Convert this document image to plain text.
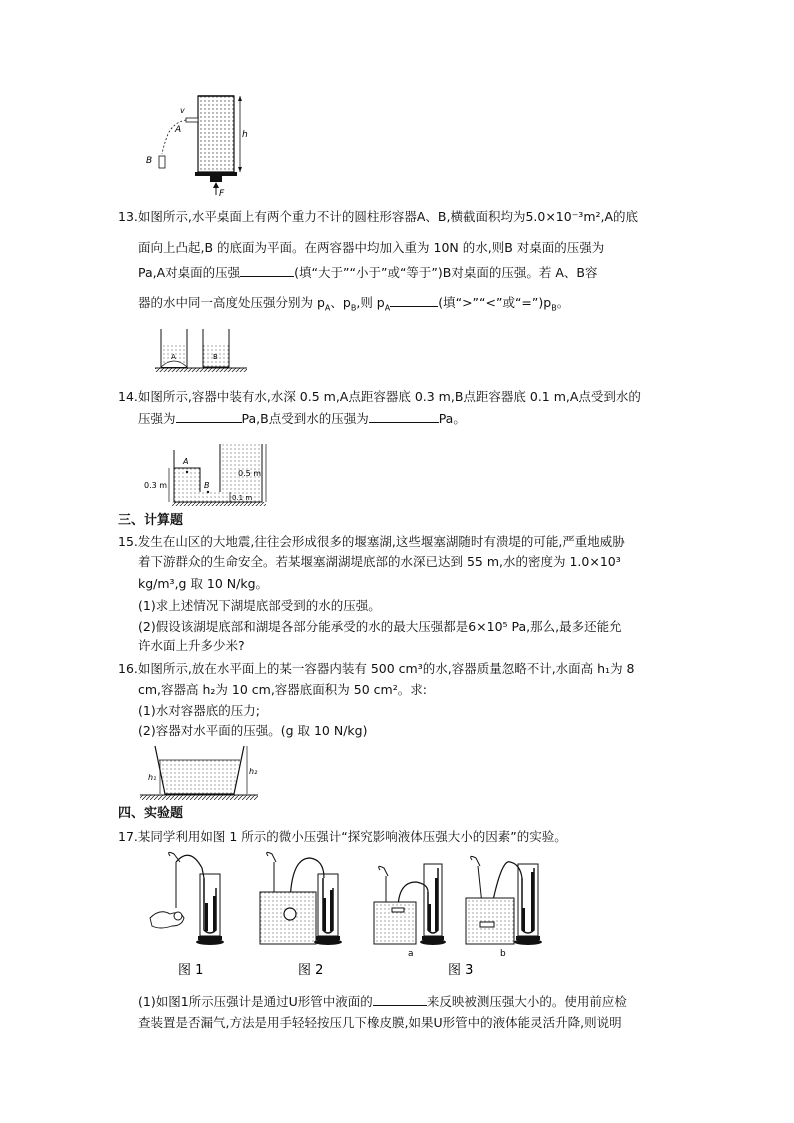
v
A
B
h
F
13.如图所示,水平桌面上有两个重力不计的圆柱形容器A、B,横截面积均为5.0×10⁻³m²,A的底
面向上凸起,B 的底面为平面。在两容器中均加入重为 10N 的水,则B 对桌面的压强为
Pa,A对桌面的压强	(填“大于”“小于”或“等于”)B对桌面的压强。若 A、B容
器的水中同一高度处压强分别为 $p_A$、$p_B$,则 $p_A$	(填“>”“<”或“$=”)p_B$。
A	B
14.如图所示,容器中装有水,水深 0.5 m,A点距容器底 0.3 m,B点距容器底 0.1 m,A点受到水的
压强为	Pa,B点受到水的压强为	Pa。
A
B
0.3 m
0.5 m
0.1 m
三、计算题
15.发生在山区的大地震,往往会形成很多的堰塞湖,这些堰塞湖随时有溃堤的可能,严重地威胁
着下游群众的生命安全。若某堰塞湖湖堤底部的水深已达到 55 m,水的密度为 1.0×10³
kg/m³,g 取 10 N/kg。
(1)求上述情况下湖堤底部受到的水的压强。
(2)假设该湖堤底部和湖堤各部分能承受的水的最大压强都是6×10⁵ Pa,那么,最多还能允
许水面上升多少米?
16.如图所示,放在水平面上的某一容器内装有 500 cm³的水,容器质量忽略不计,水面高 h₁为 8
cm,容器高 h₂为 10 cm,容器底面积为 50 cm²。求:
(1)水对容器底的压力;
(2)容器对水平面的压强。(g 取 10 N/kg)
h₁
h₂
四、实验题
17.某同学利用如图 1 所示的微小压强计“探究影响液体压强大小的因素”的实验。
a	b
图 1	图 2	图 3
(1)如图1所示压强计是通过U形管中液面的	来反映被测压强大小的。使用前应检
查装置是否漏气,方法是用手轻轻按压几下橡皮膜,如果U形管中的液体能灵活升降,则说明
